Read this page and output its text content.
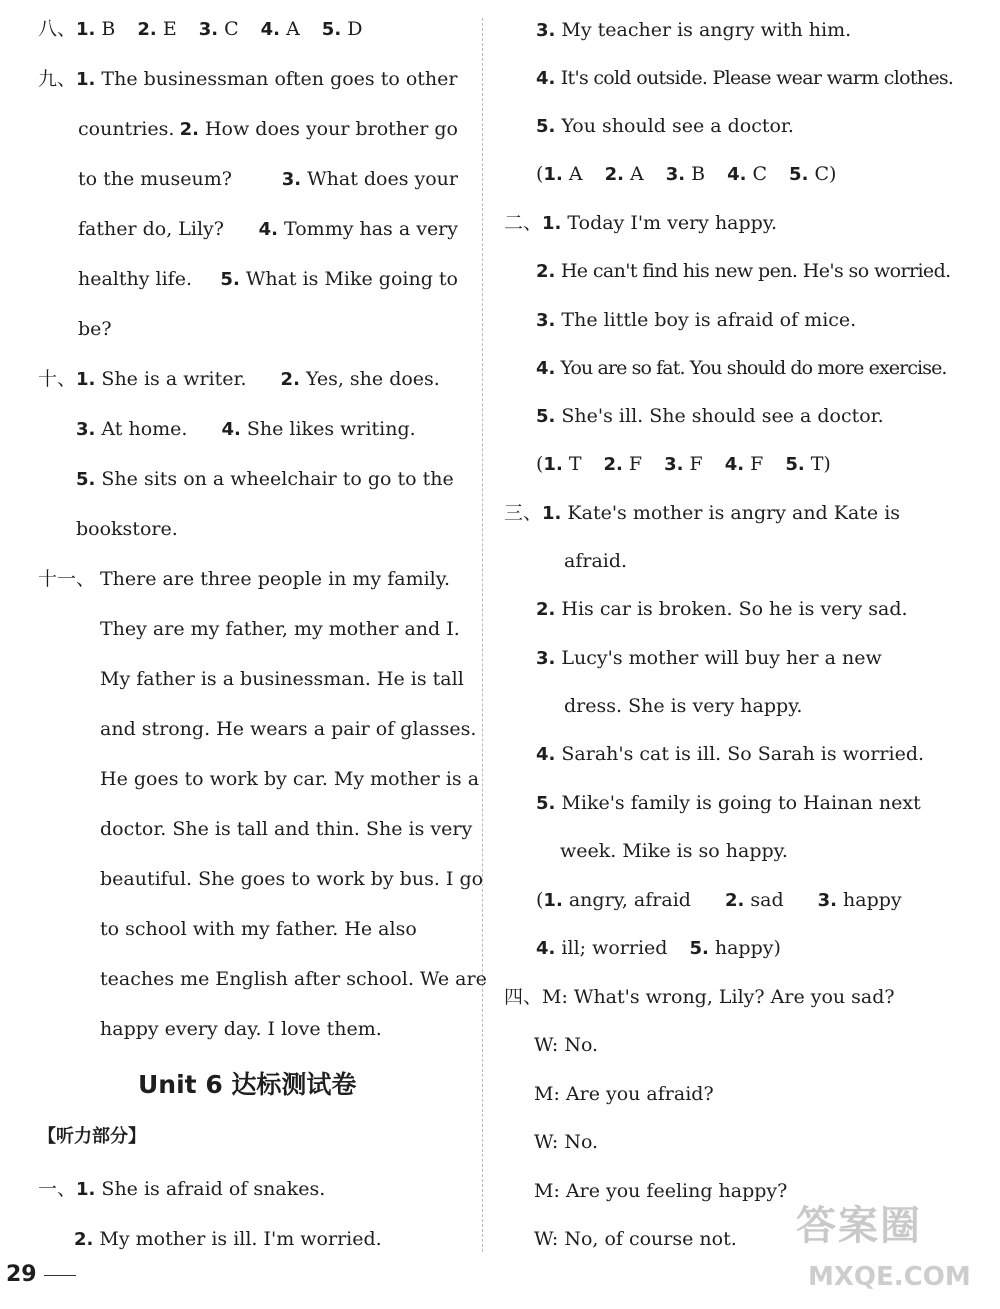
八、1. B 2. E 3. C 4. A 5. D
九、1. The businessman often goes to other
countries. 2. How does your brother go
to the museum?	3. What does your
father do, Lily? 4. Tommy has a very
healthy life. 5. What is Mike going to
be?
十、1. She is a writer. 2. Yes, she does.
3. At home. 4. She likes writing.
5. She sits on a wheelchair to go to the
bookstore.
十一、 There are three people in my family.
They are my father, my mother and I.
My father is a businessman. He is tall
and strong. He wears a pair of glasses.
He goes to work by car. My mother is a
doctor. She is tall and thin. She is very
beautiful. She goes to work by bus. I go
to school with my father. He also
teaches me English after school. We are
happy every day. I love them.
Unit 6 达标测试卷
【听力部分】
一、1. She is afraid of snakes.
2. My mother is ill. I'm worried.
29
3. My teacher is angry with him.
4. It's cold outside. Please wear warm clothes.
5. You should see a doctor.
(1. A 2. A 3. B 4. C 5. C)
二、1. Today I'm very happy.
2. He can't find his new pen. He's so worried.
3. The little boy is afraid of mice.
4. You are so fat. You should do more exercise.
5. She's ill. She should see a doctor.
(1. T 2. F 3. F 4. F 5. T)
三、1. Kate's mother is angry and Kate is
afraid.
2. His car is broken. So he is very sad.
3. Lucy's mother will buy her a new
dress. She is very happy.
4. Sarah's cat is ill. So Sarah is worried.
5. Mike's family is going to Hainan next
week. Mike is so happy.
(1. angry, afraid 2. sad 3. happy
4. ill; worried 5. happy)
四、M: What's wrong, Lily? Are you sad?
W: No.
M: Are you afraid?
W: No.
M: Are you feeling happy?
W: No, of course not. 答案圈
MXQE.COM
